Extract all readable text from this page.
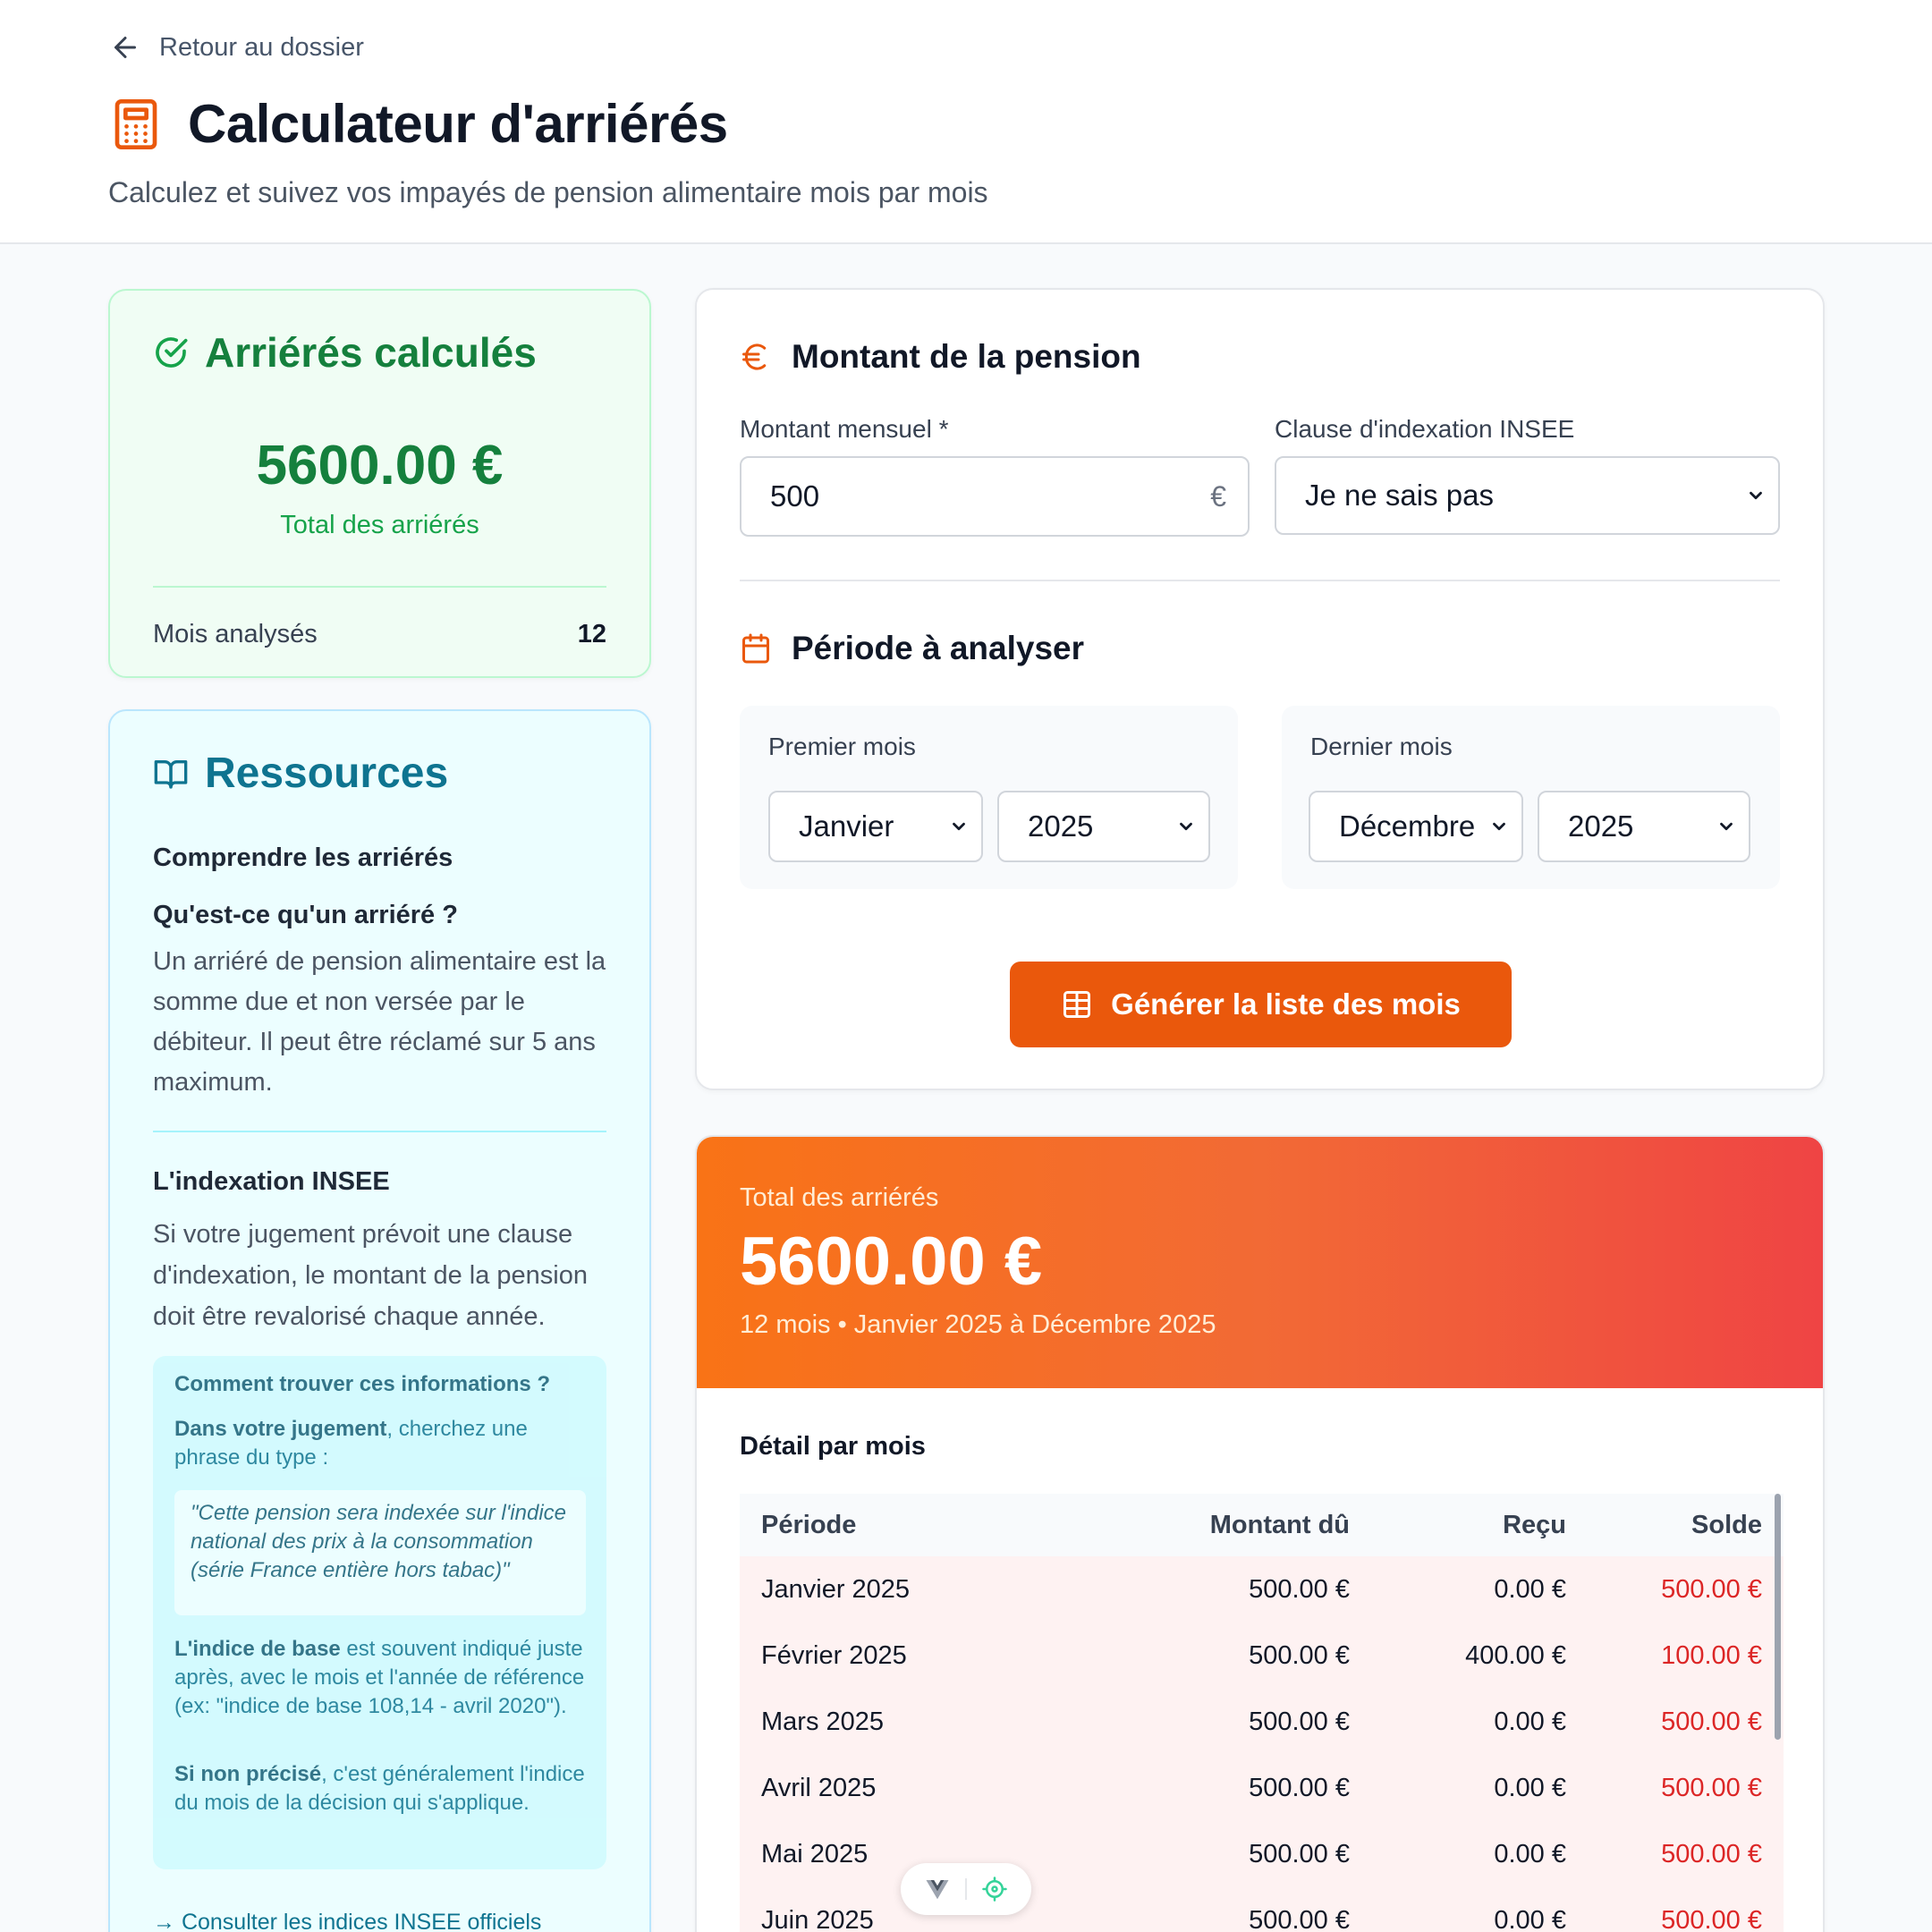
Retour au dossier
Calculateur d'arriérés
Calculez et suivez vos impayés de pension alimentaire mois par mois
Arriérés calculés
5600.00 €
Total des arriérés
Mois analysés	12
Ressources
Comprendre les arriérés
Qu'est-ce qu'un arriéré ?
Un arriéré de pension alimentaire est la somme due et non versée par le débiteur. Il peut être réclamé sur 5 ans maximum.
L'indexation INSEE
Si votre jugement prévoit une clause d'indexation, le montant de la pension doit être revalorisé chaque année.
Comment trouver ces informations ?
Dans votre jugement, cherchez une phrase du type :
"Cette pension sera indexée sur l'indice national des prix à la consommation (série France entière hors tabac)"
L'indice de base est souvent indiqué juste après, avec le mois et l'année de référence (ex: "indice de base 108,14 - avril 2020").
Si non précisé, c'est généralement l'indice du mois de la décision qui s'applique.
→ Consulter les indices INSEE officiels
Montant de la pension
Montant mensuel *
500	€
Clause d'indexation INSEE
Je ne sais pas
Période à analyser
Premier mois
Janvier	2025
Dernier mois
Décembre	2025
Générer la liste des mois
Total des arriérés
5600.00 €
12 mois • Janvier 2025 à Décembre 2025
Détail par mois
Période	Montant dû	Reçu	Solde
Janvier 2025	500.00 €	0.00 €	500.00 €
Février 2025	500.00 €	400.00 €	100.00 €
Mars 2025	500.00 €	0.00 €	500.00 €
Avril 2025	500.00 €	0.00 €	500.00 €
Mai 2025	500.00 €	0.00 €	500.00 €
Juin 2025	500.00 €	0.00 €	500.00 €
